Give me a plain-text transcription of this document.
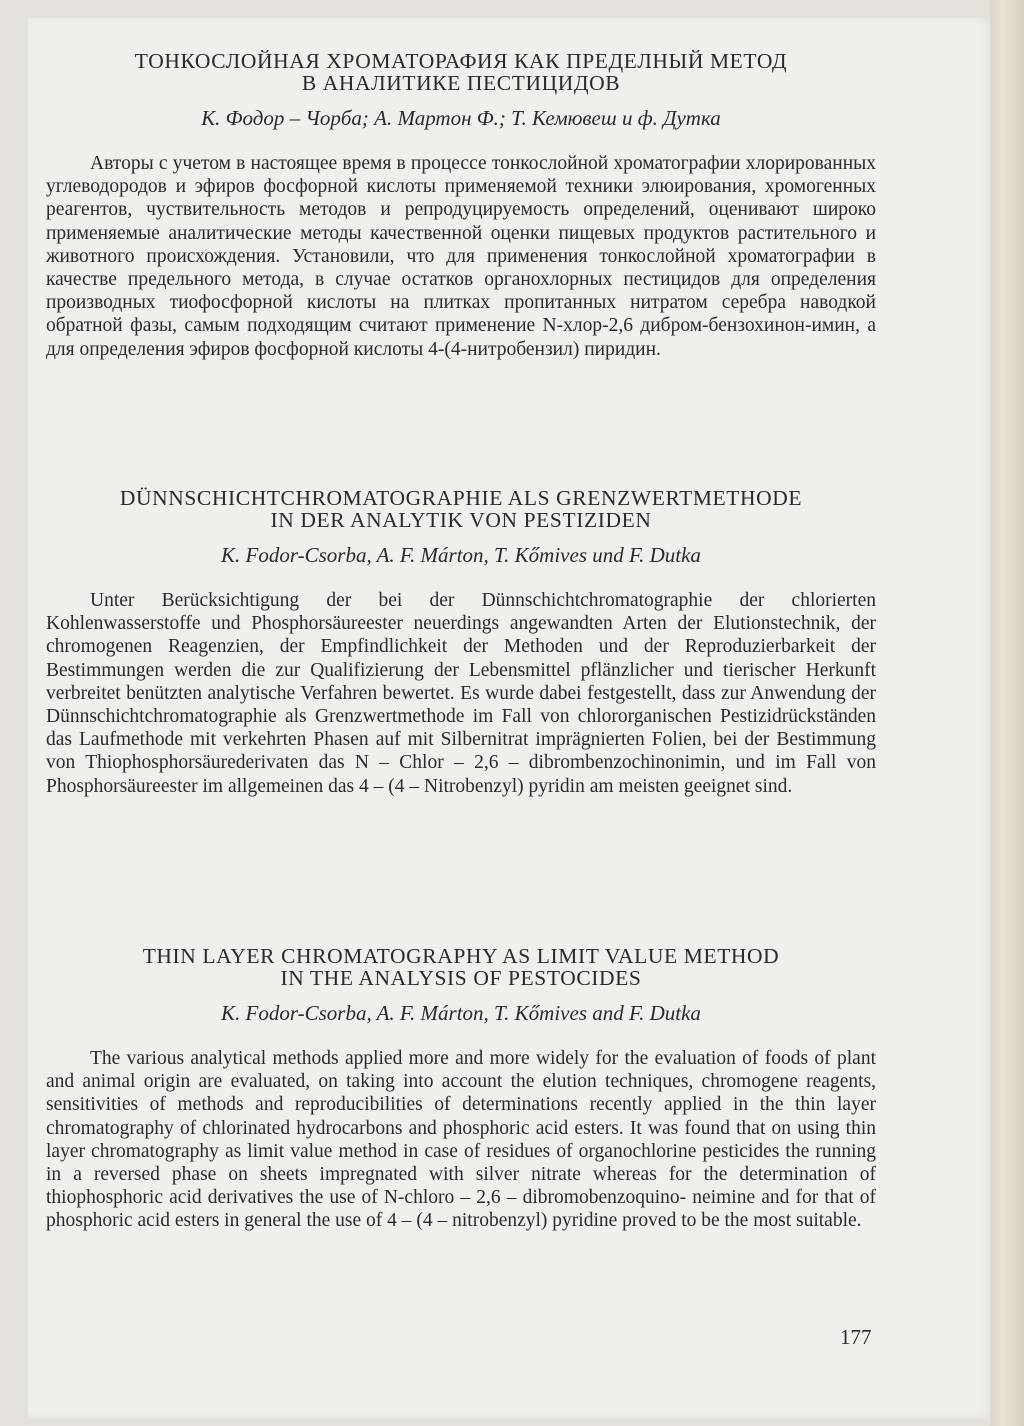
ТОНКОСЛОЙНАЯ ХРОМАТОРАФИЯ КАК ПРЕДЕЛНЫЙ МЕТОД
В АНАЛИТИКЕ ПЕСТИЦИДОВ

К. Фодор – Чорба; А. Мартон Ф.; Т. Кемювеш и ф. Дутка

Авторы с учетом в настоящее время в процессе тонкослойной хроматографии хлорированных углеводородов и эфиров фосфорной кислоты применяемой техники элюирования, хромогенных реагентов, чуствительность методов и репродуцируемость определений, оценивают широко применяемые аналитические методы качественной оценки пищевых продуктов растительного и животного происхождения. Установили, что для применения тонкослойной хроматографии в качестве предельного метода, в случае остатков органохлорных пестицидов для определения производных тиофосфорной кислоты на плитках пропитанных нитратом серебра наводкой обратной фазы, самым подходящим считают применение N-хлор-2,6 дибром-бензохинон-имин, а для определения эфиров фосфорной кислоты 4-(4-нитробензил) пиридин.

DÜNNSCHICHTCHROMATOGRAPHIE ALS GRENZWERTMETHODE
IN DER ANALYTIK VON PESTIZIDEN

K. Fodor-Csorba, A. F. Márton, T. Kőmives und F. Dutka

Unter Berücksichtigung der bei der Dünnschichtchromatographie der chlorierten Kohlenwasserstoffe und Phosphorsäureester neuerdings angewandten Arten der Elutionstechnik, der chromogenen Reagenzien, der Empfindlichkeit der Methoden und der Reproduzierbarkeit der Bestimmungen werden die zur Qualifizierung der Lebensmittel pflänzlicher und tierischer Herkunft verbreitet benützten analytische Verfahren bewertet. Es wurde dabei festgestellt, dass zur Anwendung der Dünnschichtchromatographie als Grenzwertmethode im Fall von chlororganischen Pestizidrückständen das Laufmethode mit verkehrten Phasen auf mit Silbernitrat imprägnierten Folien, bei der Bestimmung von Thiophosphorsäurederivaten das N – Chlor – 2,6 – dibrombenzochinonimin, und im Fall von Phosphorsäureester im allgemeinen das 4 – (4 – Nitrobenzyl) pyridin am meisten geeignet sind.

THIN LAYER CHROMATOGRAPHY AS LIMIT VALUE METHOD
IN THE ANALYSIS OF PESTOCIDES

K. Fodor-Csorba, A. F. Márton, T. Kőmives and F. Dutka

The various analytical methods applied more and more widely for the evaluation of foods of plant and animal origin are evaluated, on taking into account the elution techniques, chromogene reagents, sensitivities of methods and reproducibilities of determinations recently applied in the thin layer chromatography of chlorinated hydrocarbons and phosphoric acid esters. It was found that on using thin layer chromatography as limit value method in case of residues of organochlorine pesticides the running in a reversed phase on sheets impregnated with silver nitrate whereas for the determination of thiophosphoric acid derivatives the use of N-chloro – 2,6 – dibromobenzoquino- neimine and for that of phosphoric acid esters in general the use of 4 – (4 – nitrobenzyl) pyridine proved to be the most suitable.

177
